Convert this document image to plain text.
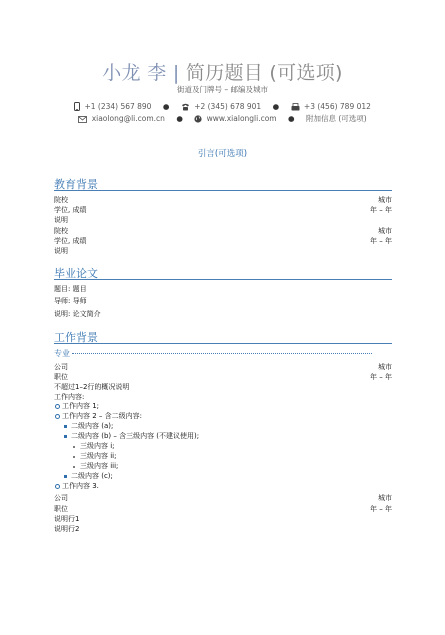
小龙 李 | 简历题目 (可选项)
街道及门牌号 – 邮编及城市
+1 (234) 567 890 ●	+2 (345) 678 901 ●	+3 (456) 789 012
xiaolong@li.com.cn ●	www.xialongli.com ● 附加信息 (可选项)
引言(可选项)
教育背景
院校	城市
学位, 成绩	年 – 年
说明
院校	城市
学位, 成绩	年 – 年
说明
毕业论文
题目: 题目
导师: 导师
说明: 论文简介
工作背景
专业
公司	城市
职位	年 – 年
不超过1–2行的概况说明
工作内容:
工作内容 1;
工作内容 2 – 含二级内容:
二级内容 (a);
二级内容 (b) – 含三级内容 (不建议使用);
三级内容 i;
三级内容 ii;
三级内容 iii;
二级内容 (c);
工作内容 3.
公司	城市
职位	年 – 年
说明行1
说明行2
